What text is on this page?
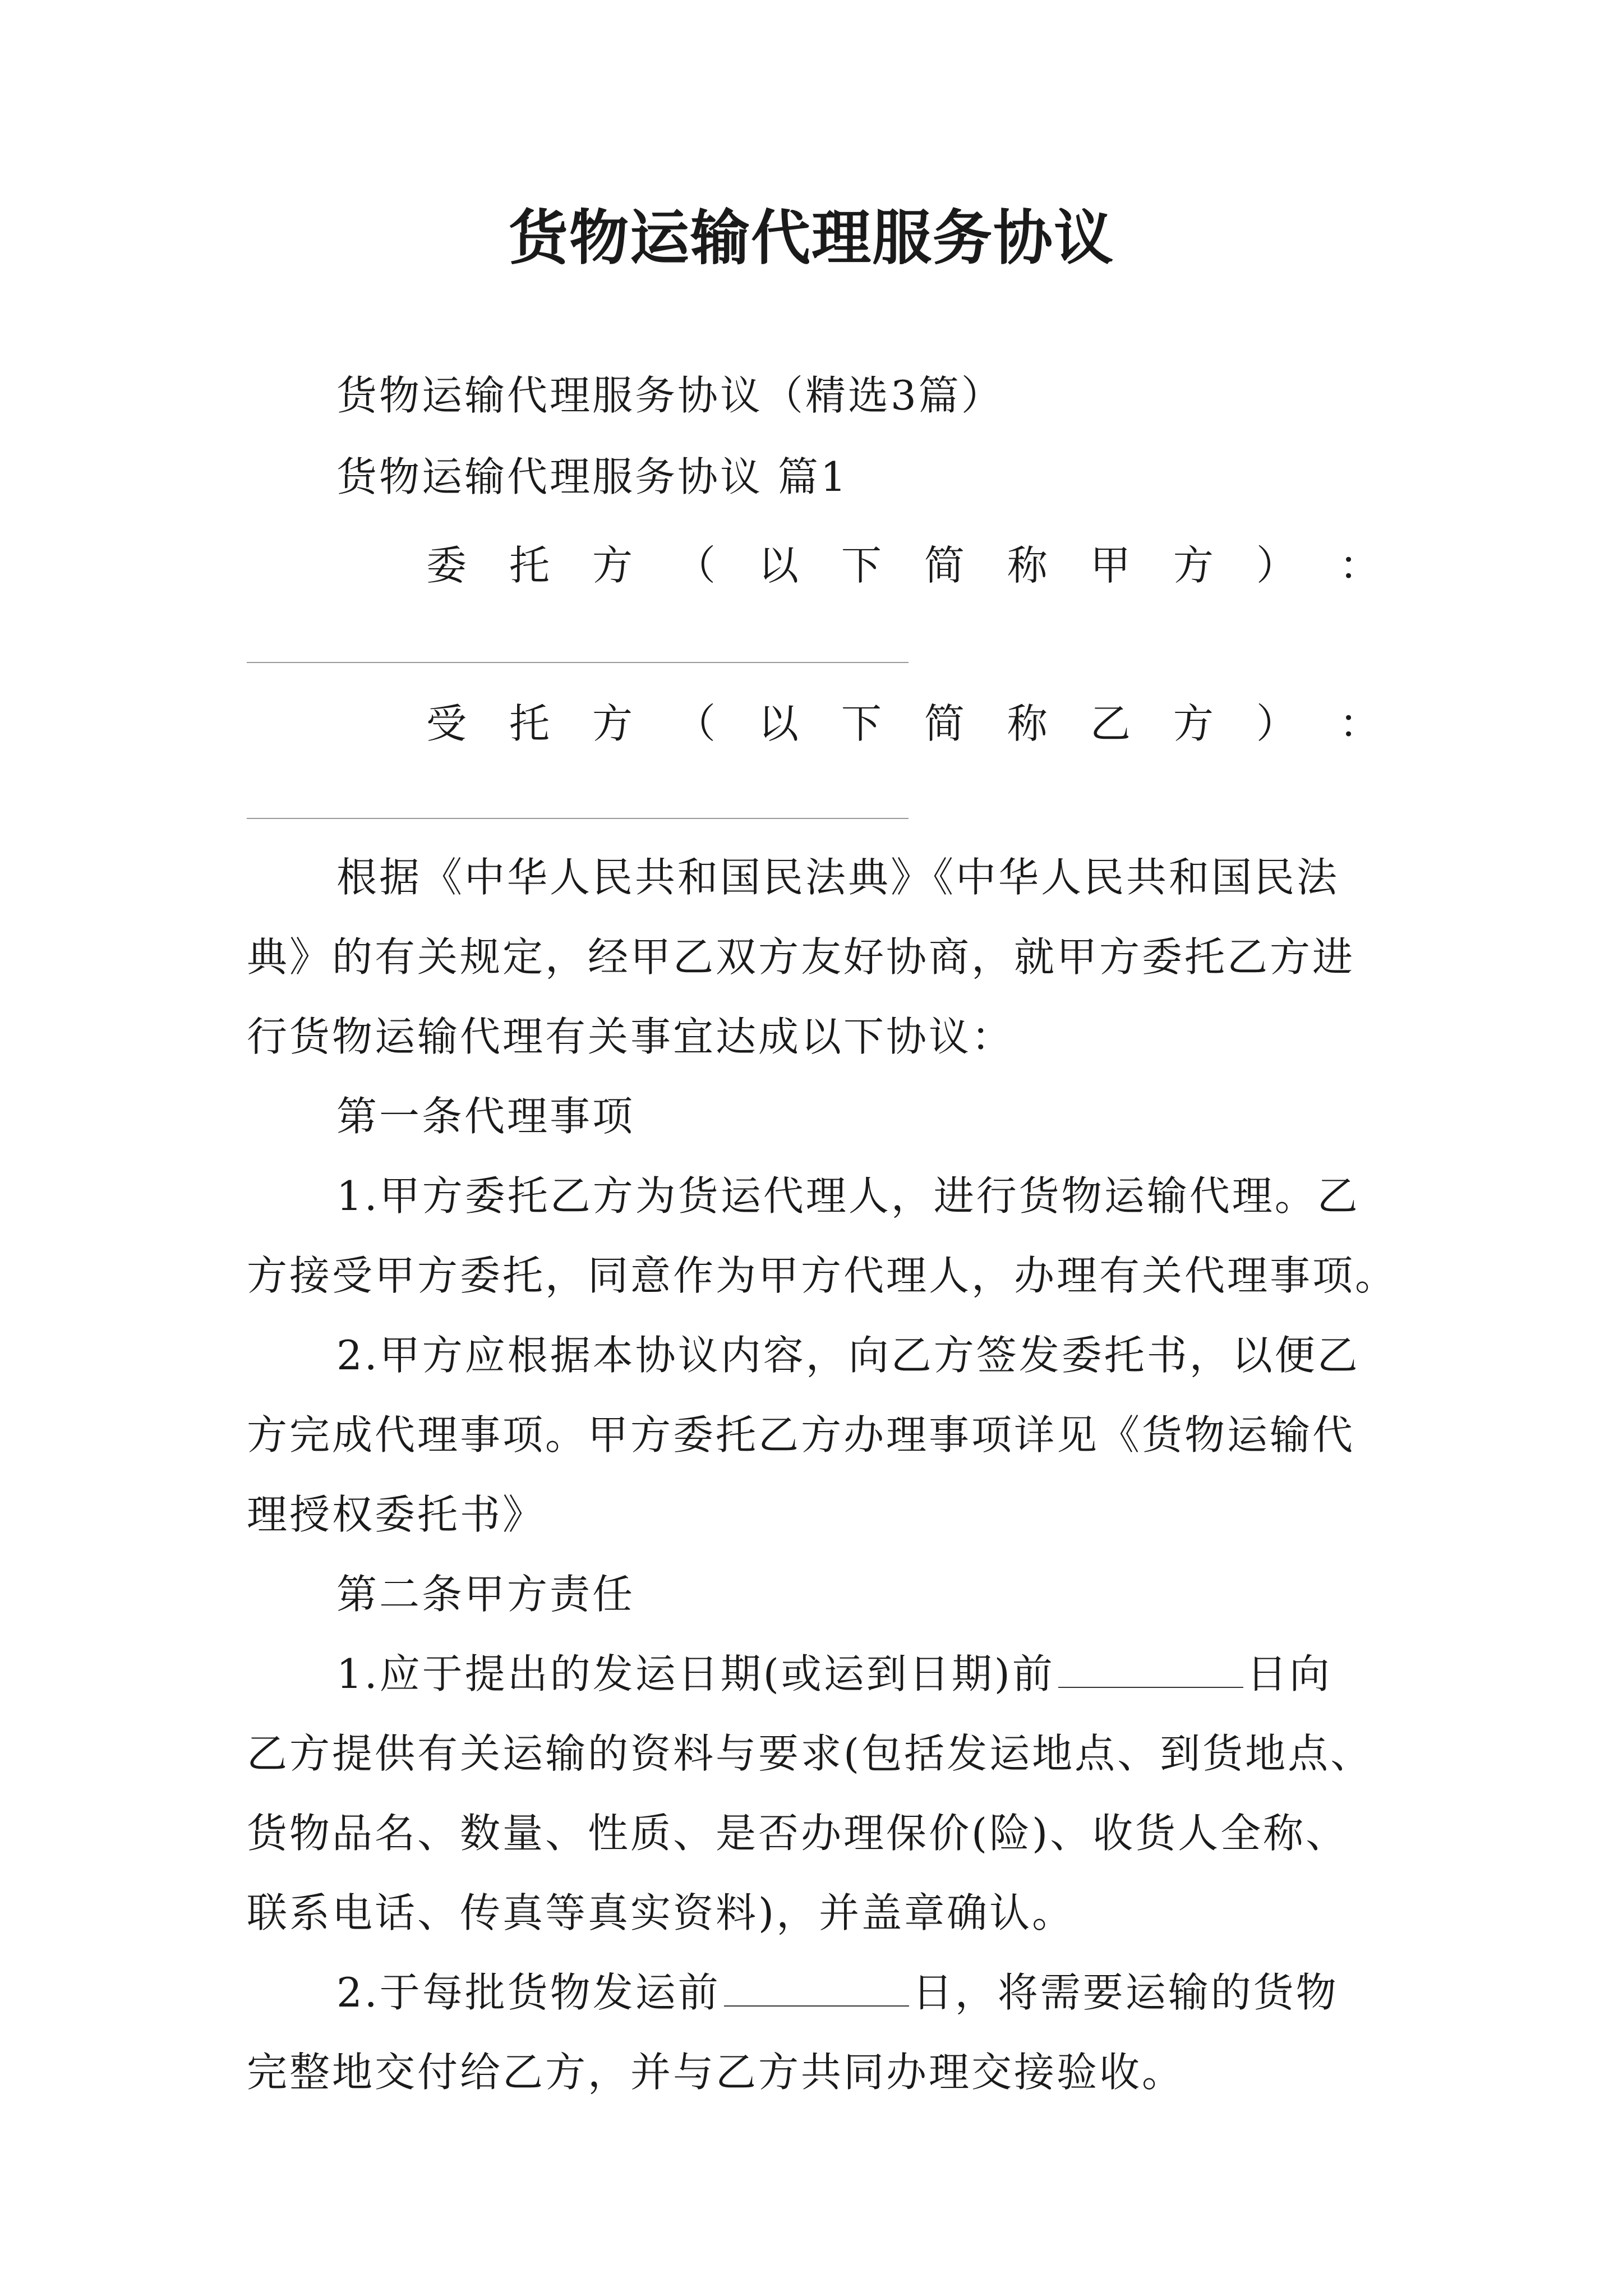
货物运输代理服务协议
货物运输代理服务协议（精选3篇）
货物运输代理服务协议 篇1
委 托 方 （ 以 下 简 称 甲 方 ） ：
受 托 方 （ 以 下 简 称 乙 方 ） ：
根据《中华人民共和国民法典》《中华人民共和国民法
典》的有关规定，经甲乙双方友好协商，就甲方委托乙方进
行货物运输代理有关事宜达成以下协议：
第一条代理事项
1.甲方委托乙方为货运代理人，进行货物运输代理。乙
方接受甲方委托，同意作为甲方代理人，办理有关代理事项。
2.甲方应根据本协议内容，向乙方签发委托书，以便乙
方完成代理事项。甲方委托乙方办理事项详见《货物运输代
理授权委托书》
第二条甲方责任
1.应于提出的发运日期(或运到日期)前	日向
乙方提供有关运输的资料与要求(包括发运地点、到货地点、
货物品名、数量、性质、是否办理保价(险)、收货人全称、
联系电话、传真等真实资料)，并盖章确认。
2.于每批货物发运前	日，将需要运输的货物
完整地交付给乙方，并与乙方共同办理交接验收。
